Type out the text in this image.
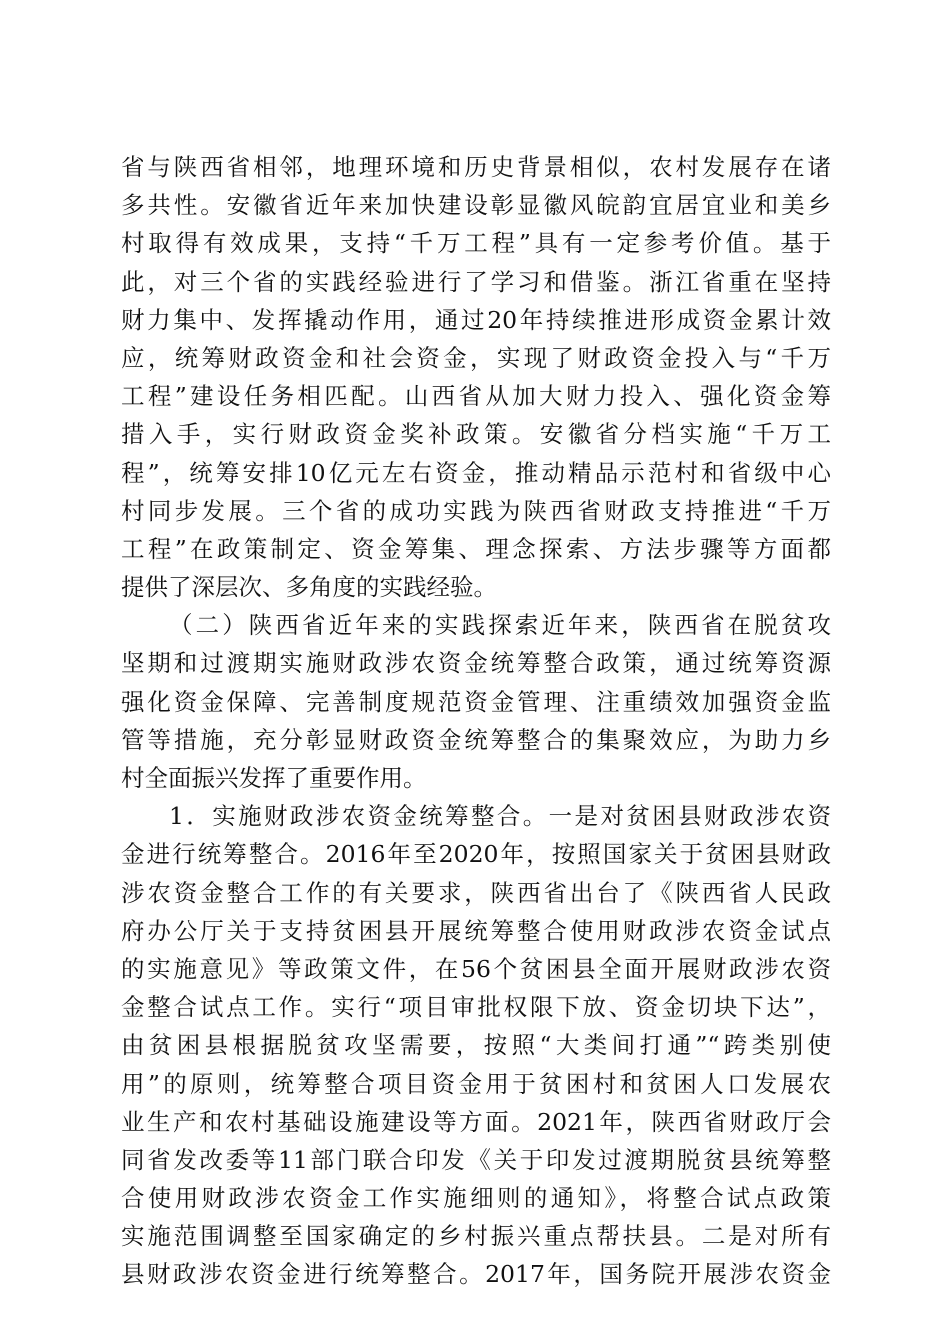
省与陕西省相邻，地理环境和历史背景相似，农村发展存在诸
多共性。安徽省近年来加快建设彰显徽风皖韵宜居宜业和美乡
村取得有效成果，支持“千万工程”具有一定参考价值。基于
此，对三个省的实践经验进行了学习和借鉴。浙江省重在坚持
财力集中、发挥撬动作用，通过20年持续推进形成资金累计效
应，统筹财政资金和社会资金，实现了财政资金投入与“千万
工程”建设任务相匹配。山西省从加大财力投入、强化资金筹
措入手，实行财政资金奖补政策。安徽省分档实施“千万工
程”，统筹安排10亿元左右资金，推动精品示范村和省级中心
村同步发展。三个省的成功实践为陕西省财政支持推进“千万
工程”在政策制定、资金筹集、理念探索、方法步骤等方面都
提供了深层次、多角度的实践经验。
（二）陕西省近年来的实践探索近年来，陕西省在脱贫攻
坚期和过渡期实施财政涉农资金统筹整合政策，通过统筹资源
强化资金保障、完善制度规范资金管理、注重绩效加强资金监
管等措施，充分彰显财政资金统筹整合的集聚效应，为助力乡
村全面振兴发挥了重要作用。
1．实施财政涉农资金统筹整合。一是对贫困县财政涉农资
金进行统筹整合。2016年至2020年，按照国家关于贫困县财政
涉农资金整合工作的有关要求，陕西省出台了《陕西省人民政
府办公厅关于支持贫困县开展统筹整合使用财政涉农资金试点
的实施意见》等政策文件，在56个贫困县全面开展财政涉农资
金整合试点工作。实行“项目审批权限下放、资金切块下达”，
由贫困县根据脱贫攻坚需要，按照“大类间打通”“跨类别使
用”的原则，统筹整合项目资金用于贫困村和贫困人口发展农
业生产和农村基础设施建设等方面。2021年，陕西省财政厅会
同省发改委等11部门联合印发《关于印发过渡期脱贫县统筹整
合使用财政涉农资金工作实施细则的通知》，将整合试点政策
实施范围调整至国家确定的乡村振兴重点帮扶县。二是对所有
县财政涉农资金进行统筹整合。2017年，国务院开展涉农资金
